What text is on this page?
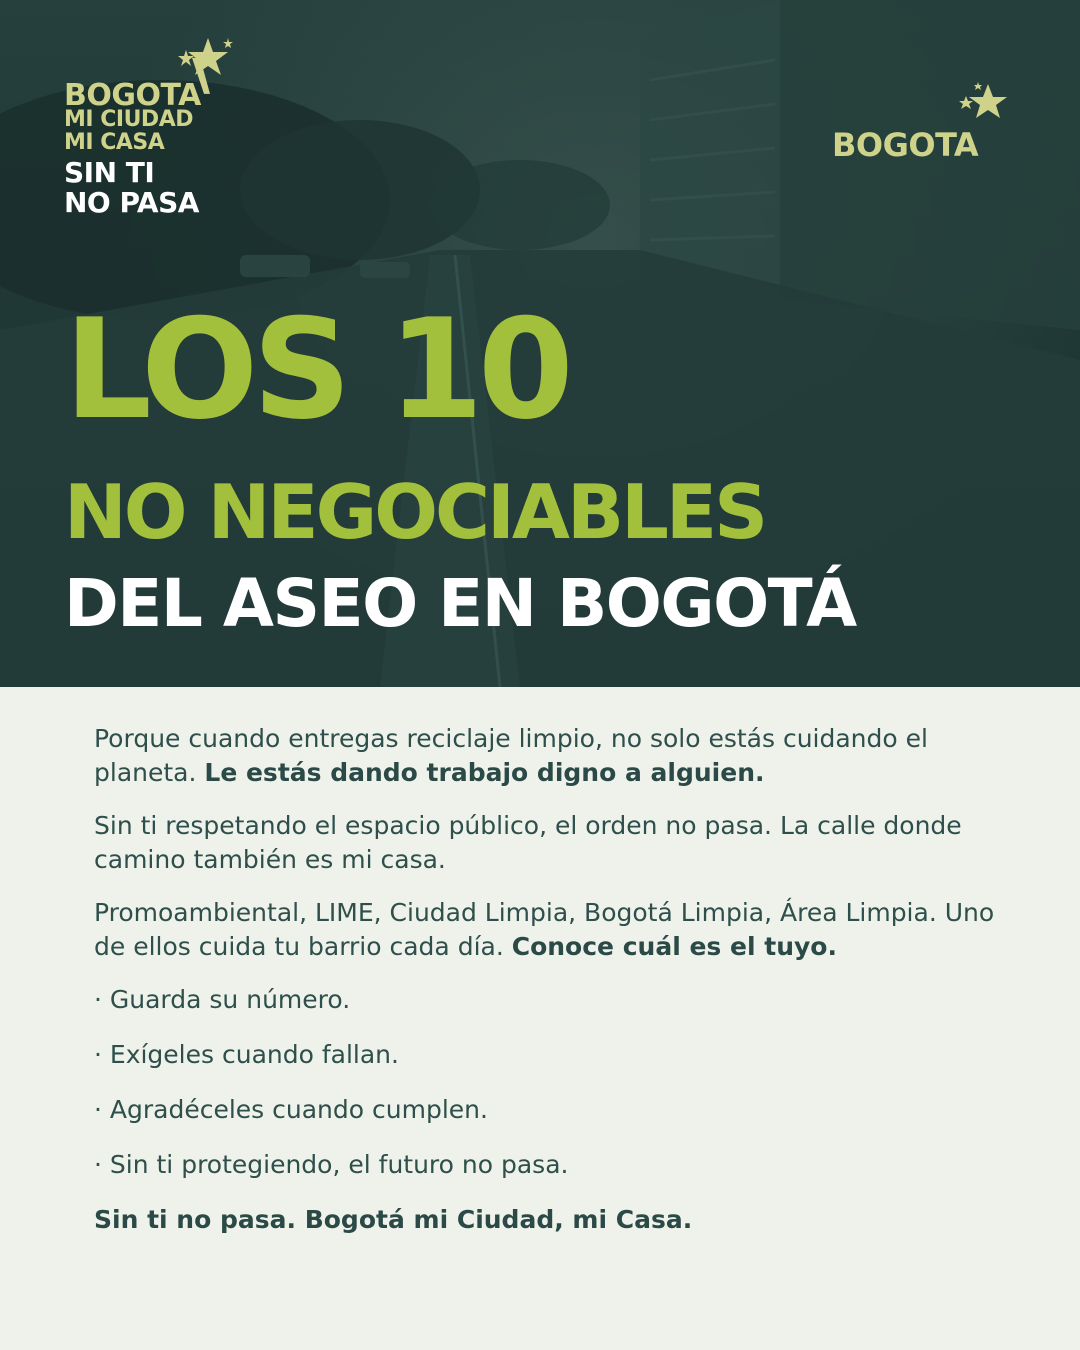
BOGOTA
MI CIUDAD
MI CASA
SIN TI
NO PASA
BOGOTA
LOS 10
NO NEGOCIABLES
DEL ASEO EN BOGOTÁ

Porque cuando entregas reciclaje limpio, no solo estás cuidando el planeta. Le estás dando trabajo digno a alguien.

Sin ti respetando el espacio público, el orden no pasa. La calle donde camino también es mi casa.

Promoambiental, LIME, Ciudad Limpia, Bogotá Limpia, Área Limpia. Uno de ellos cuida tu barrio cada día. Conoce cuál es el tuyo.

· Guarda su número.
· Exígeles cuando fallan.
· Agradéceles cuando cumplen.
· Sin ti protegiendo, el futuro no pasa.

Sin ti no pasa. Bogotá mi Ciudad, mi Casa.
